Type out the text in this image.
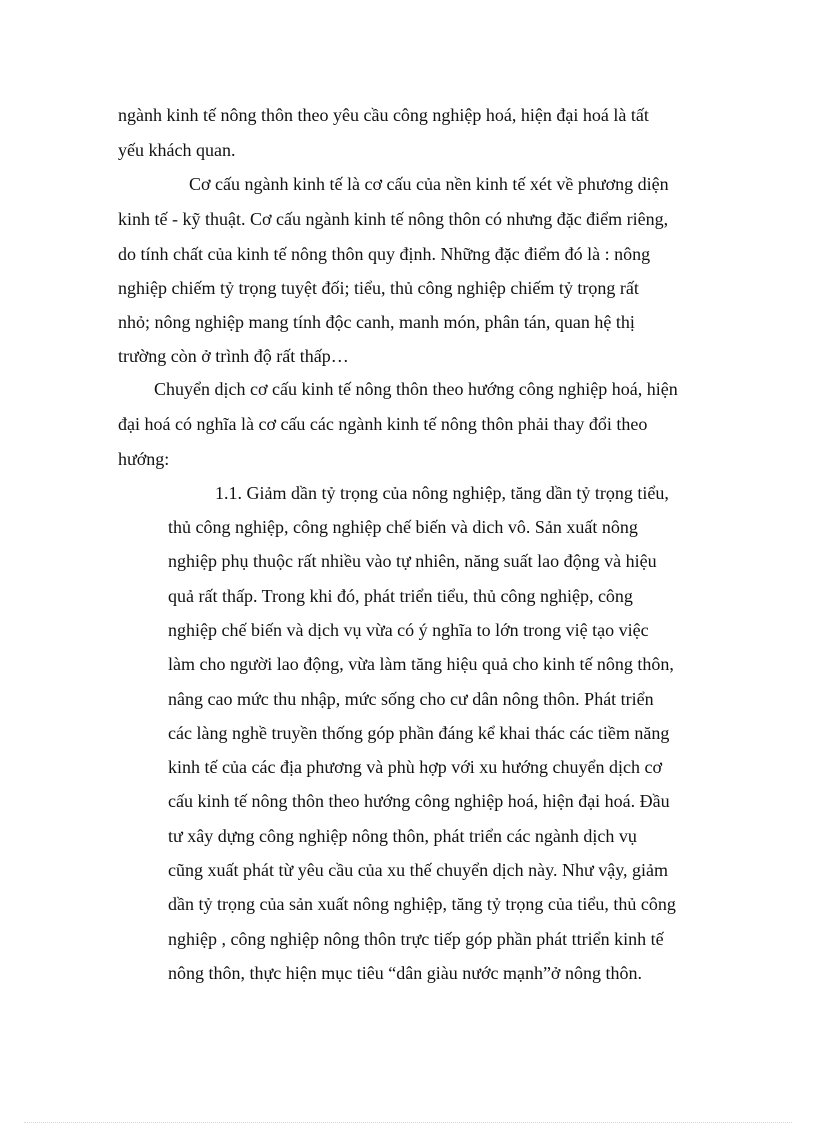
ngành kinh tế nông thôn theo yêu cầu công nghiệp hoá, hiện đại hoá là tất
yếu khách quan.
Cơ cấu ngành kinh tế là cơ cấu của nền kinh tế xét về phương diện
kinh tế - kỹ thuật. Cơ cấu ngành kinh tế nông thôn có nhưng đặc điểm riêng,
do tính chất của kinh tế nông thôn quy định. Những đặc điểm đó là : nông
nghiệp chiếm tỷ trọng tuyệt đối; tiểu, thủ công nghiệp chiếm tỷ trọng rất
nhỏ; nông nghiệp mang tính độc canh, manh món, phân tán, quan hệ thị
trường còn ở trình độ rất thấp…
Chuyển dịch cơ cấu kinh tế nông thôn theo hướng công nghiệp hoá, hiện
đại hoá có nghĩa là cơ cấu các ngành kinh tế nông thôn phải thay đổi theo
hướng:
1.1. Giảm dần tỷ trọng của nông nghiệp, tăng dần tỷ trọng tiểu,
thủ công nghiệp, công nghiệp chế biến và dich vô. Sản xuất nông
nghiệp phụ thuộc rất nhiều vào tự nhiên, năng suất lao động và hiệu
quả rất thấp. Trong khi đó, phát triển tiểu, thủ công nghiệp, công
nghiệp chế biến và dịch vụ vừa có ý nghĩa to lớn trong việ tạo việc
làm cho người lao động, vừa làm tăng hiệu quả cho kinh tế nông thôn,
nâng cao mức thu nhập, mức sống cho cư dân nông thôn. Phát triển
các làng nghề truyền thống góp phần đáng kể khai thác các tiềm năng
kinh tế của các địa phương và phù hợp với xu hướng chuyển dịch cơ
cấu kinh tế nông thôn theo hướng công nghiệp hoá, hiện đại hoá. Đầu
tư xây dựng công nghiệp nông thôn, phát triển các ngành dịch vụ
cũng xuất phát từ yêu cầu của xu thế chuyển dịch này. Như vậy, giảm
dần tỷ trọng của sản xuất nông nghiệp, tăng tỷ trọng của tiểu, thủ công
nghiệp , công nghiệp nông thôn trực tiếp góp phần phát ttriển kinh tế
nông thôn, thực hiện mục tiêu “dân giàu nước mạnh”ở nông thôn.
